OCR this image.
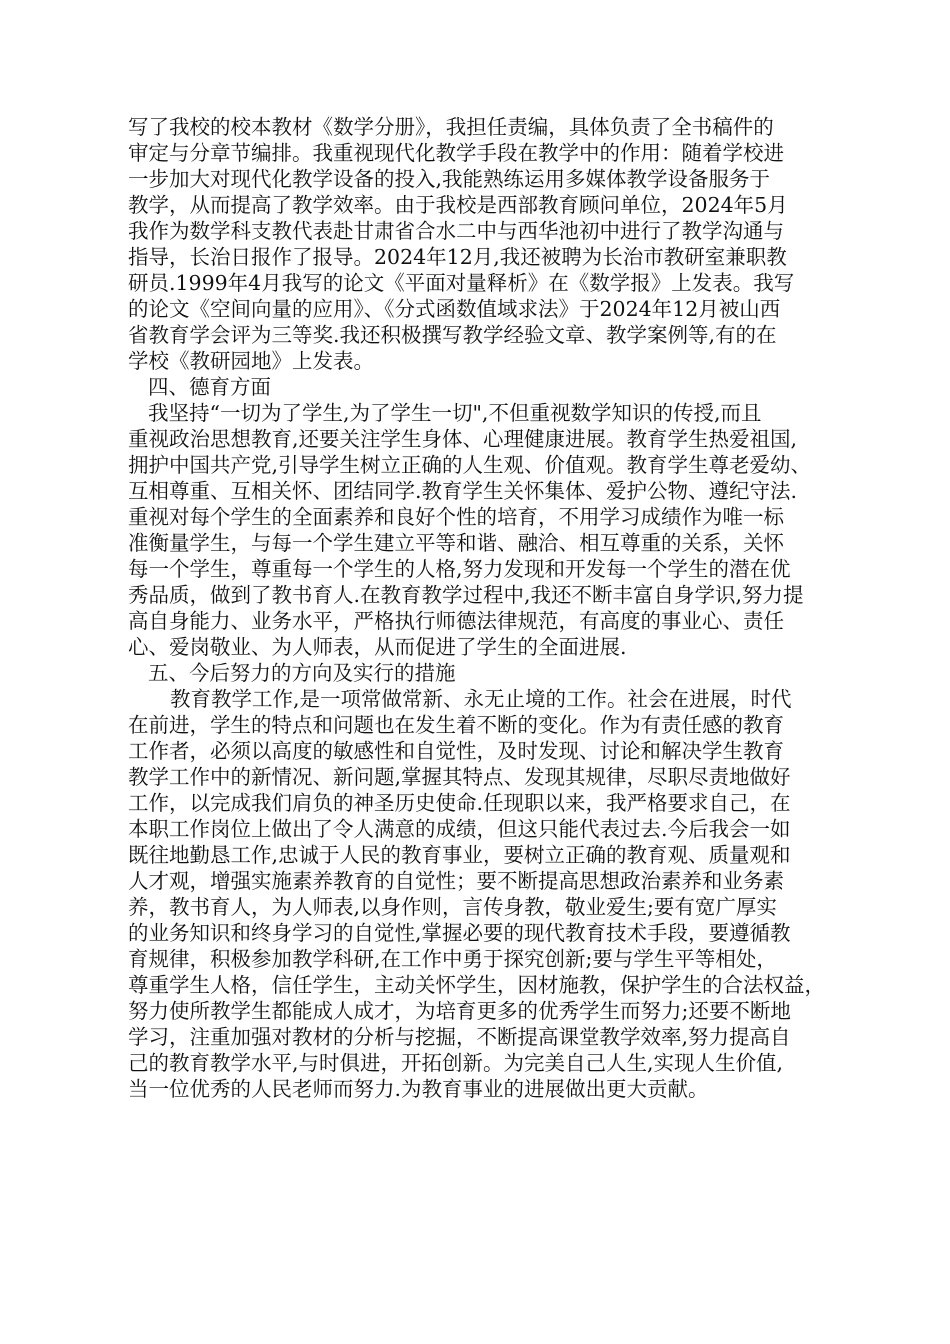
写了我校的校本教材《数学分册》，我担任责编，具体负责了全书稿件的
审定与分章节编排。我重视现代化教学手段在教学中的作用：随着学校进
一步加大对现代化教学设备的投入,我能熟练运用多媒体教学设备服务于
教学，从而提高了教学效率。由于我校是西部教育顾问单位，2024年5月
我作为数学科支教代表赴甘肃省合水二中与西华池初中进行了教学沟通与
指导，长治日报作了报导。2024年12月,我还被聘为长治市教研室兼职教
研员.1999年4月我写的论文《平面对量释析》在《数学报》上发表。我写
的论文《空间向量的应用》、《分式函数值域求法》于2024年12月被山西
省教育学会评为三等奖.我还积极撰写教学经验文章、教学案例等,有的在
学校《教研园地》上发表。
四、德育方面
我坚持“一切为了学生,为了学生一切",不但重视数学知识的传授,而且
重视政治思想教育,还要关注学生身体、心理健康进展。教育学生热爱祖国,
拥护中国共产党,引导学生树立正确的人生观、价值观。教育学生尊老爱幼、
互相尊重、互相关怀、团结同学.教育学生关怀集体、爱护公物、遵纪守法.
重视对每个学生的全面素养和良好个性的培育，不用学习成绩作为唯一标
准衡量学生，与每一个学生建立平等和谐、融洽、相互尊重的关系，关怀
每一个学生，尊重每一个学生的人格,努力发现和开发每一个学生的潜在优
秀品质，做到了教书育人.在教育教学过程中,我还不断丰富自身学识,努力提
高自身能力、业务水平，严格执行师德法律规范，有高度的事业心、责任
心、爱岗敬业、为人师表，从而促进了学生的全面进展.
五、今后努力的方向及实行的措施
教育教学工作,是一项常做常新、永无止境的工作。社会在进展，时代
在前进，学生的特点和问题也在发生着不断的变化。作为有责任感的教育
工作者，必须以高度的敏感性和自觉性，及时发现、讨论和解决学生教育
教学工作中的新情况、新问题,掌握其特点、发现其规律，尽职尽责地做好
工作，以完成我们肩负的神圣历史使命.任现职以来，我严格要求自己，在
本职工作岗位上做出了令人满意的成绩，但这只能代表过去.今后我会一如
既往地勤恳工作,忠诚于人民的教育事业，要树立正确的教育观、质量观和
人才观，增强实施素养教育的自觉性；要不断提高思想政治素养和业务素
养，教书育人，为人师表,以身作则，言传身教，敬业爱生;要有宽广厚实
的业务知识和终身学习的自觉性,掌握必要的现代教育技术手段，要遵循教
育规律，积极参加教学科研,在工作中勇于探究创新;要与学生平等相处，
尊重学生人格，信任学生，主动关怀学生，因材施教，保护学生的合法权益，
努力使所教学生都能成人成才，为培育更多的优秀学生而努力;还要不断地
学习，注重加强对教材的分析与挖掘，不断提高课堂教学效率,努力提高自
己的教育教学水平,与时俱进，开拓创新。为完美自己人生,实现人生价值,
当一位优秀的人民老师而努力.为教育事业的进展做出更大贡献。
